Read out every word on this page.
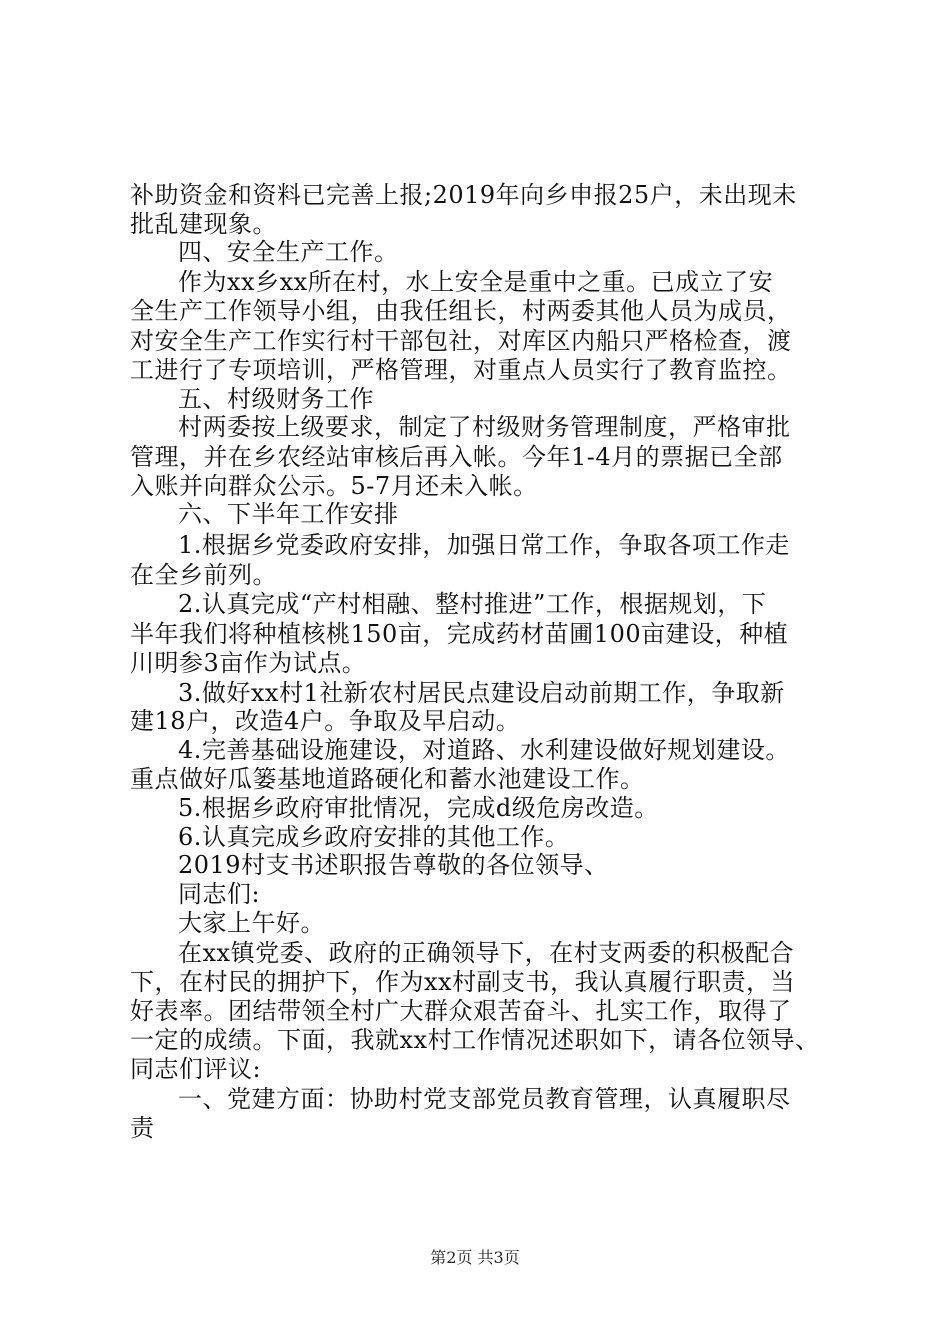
补助资金和资料已完善上报;2019年向乡申报25户，未出现未
批乱建现象。
四、安全生产工作。
作为xx乡xx所在村，水上安全是重中之重。已成立了安
全生产工作领导小组，由我任组长，村两委其他人员为成员，
对安全生产工作实行村干部包社，对库区内船只严格检查，渡
工进行了专项培训，严格管理，对重点人员实行了教育监控。
五、村级财务工作
村两委按上级要求，制定了村级财务管理制度，严格审批
管理，并在乡农经站审核后再入帐。今年1-4月的票据已全部
入账并向群众公示。5-7月还未入帐。
六、下半年工作安排
1.根据乡党委政府安排，加强日常工作，争取各项工作走
在全乡前列。
2.认真完成“产村相融、整村推进”工作，根据规划，下
半年我们将种植核桃150亩，完成药材苗圃100亩建设，种植
川明参3亩作为试点。
3.做好xx村1社新农村居民点建设启动前期工作，争取新
建18户，改造4户。争取及早启动。
4.完善基础设施建设，对道路、水利建设做好规划建设。
重点做好瓜篓基地道路硬化和蓄水池建设工作。
5.根据乡政府审批情况，完成d级危房改造。
6.认真完成乡政府安排的其他工作。
2019村支书述职报告尊敬的各位领导、
同志们:
大家上午好。
在xx镇党委、政府的正确领导下，在村支两委的积极配合
下，在村民的拥护下，作为xx村副支书，我认真履行职责，当
好表率。团结带领全村广大群众艰苦奋斗、扎实工作，取得了
一定的成绩。下面，我就xx村工作情况述职如下，请各位领导、
同志们评议:
一、党建方面：协助村党支部党员教育管理，认真履职尽
责
第2页 共3页
